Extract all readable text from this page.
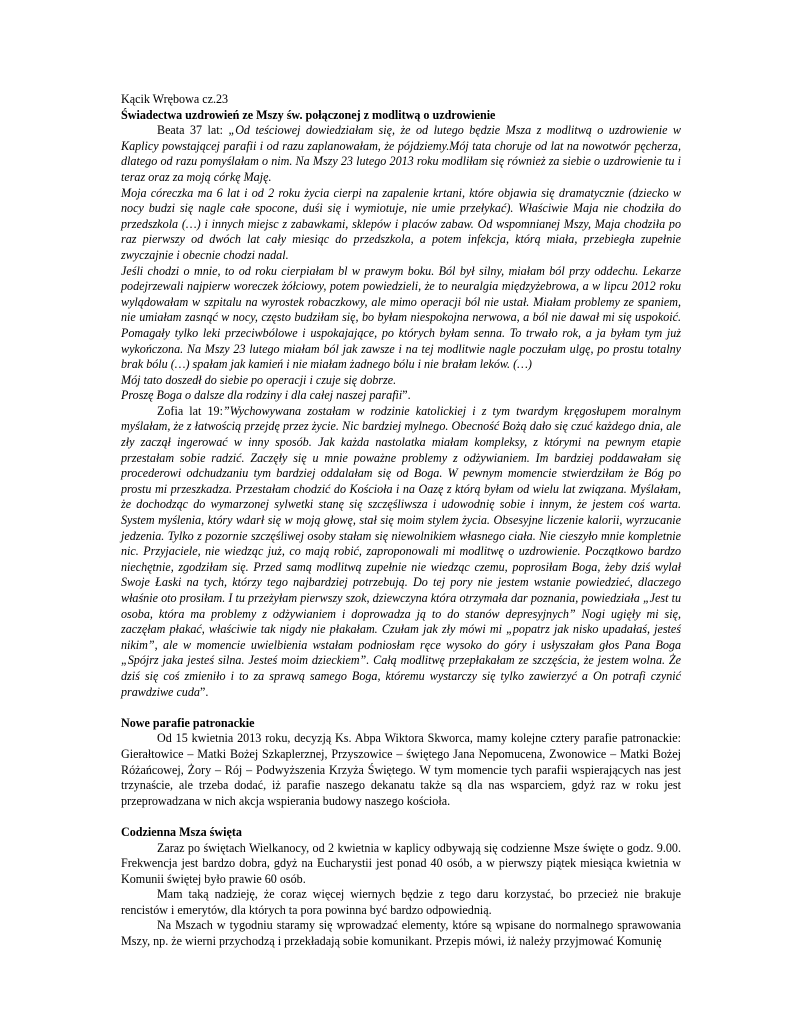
Kącik Wrębowa cz.23

Świadectwa uzdrowień ze Mszy św. połączonej z modlitwą o uzdrowienie

Beata 37 lat: „Od teściowej dowiedziałam się, że od lutego będzie Msza z modlitwą o uzdrowienie w Kaplicy powstającej parafii i od razu zaplanowałam, że pójdziemy.Mój tata choruje od lat na nowotwór pęcherza, dlatego od razu pomyślałam o nim. Na Mszy 23 lutego 2013 roku modliłam się również za siebie o uzdrowienie tu i teraz oraz za moją córkę Maję.

Moja córeczka ma 6 lat i od 2 roku życia cierpi na zapalenie krtani, które objawia się dramatycznie (dziecko w nocy budzi się nagle całe spocone, duśi się i wymiotuje, nie umie przełykać). Właściwie Maja nie chodziła do przedszkola (…) i innych miejsc z zabawkami, sklepów i placów zabaw. Od wspomnianej Mszy, Maja chodziła po raz pierwszy od dwóch lat cały miesiąc do przedszkola, a potem infekcja, którą miała, przebiegła zupełnie zwyczajnie i obecnie chodzi nadal.

Jeśli chodzi o mnie, to od roku cierpiałam bl w prawym boku. Ból był silny, miałam ból przy oddechu. Lekarze podejrzewali najpierw woreczek żółciowy, potem powiedzieli, że to neuralgia międzyżebrowa, a w lipcu 2012 roku wylądowałam w szpitalu na wyrostek robaczkowy, ale mimo operacji ból nie ustał. Miałam problemy ze spaniem, nie umiałam zasnąć w nocy, często budziłam się, bo byłam niespokojna nerwowa, a ból nie dawał mi się uspokoić. Pomagały tylko leki przeciwbólowe i uspokajające, po których byłam senna. To trwało rok, a ja byłam tym już wykończona. Na Mszy 23 lutego miałam ból jak zawsze i na tej modlitwie nagle poczułam ulgę, po prostu totalny brak bólu (…) spałam jak kamień i nie miałam żadnego bólu i nie brałam leków. (…)

Mój tato doszedł do siebie po operacji i czuje się dobrze.

Proszę Boga o dalsze dla rodziny i dla całej naszej parafii”.

Zofia lat 19:”Wychowywana zostałam w rodzinie katolickiej i z tym twardym kręgosłupem moralnym myślałam, że z łatwością przejdę przez życie. Nic bardziej mylnego. Obecność Bożą dało się czuć każdego dnia, ale zły zaczął ingerować w inny sposób. Jak każda nastolatka miałam kompleksy, z którymi na pewnym etapie przestałam sobie radzić. Zaczęły się u mnie poważne problemy z odżywianiem. Im bardziej poddawałam się procederowi odchudzaniu tym bardziej oddalałam się od Boga. W pewnym momencie stwierdziłam że Bóg po prostu mi przeszkadza. Przestałam chodzić do Kościoła i na Oazę z którą byłam od wielu lat związana. Myślałam, że dochodząc do wymarzonej sylwetki stanę się szczęśliwsza i udowodnię sobie i innym, że jestem coś warta. System myślenia, który wdarł się w moją głowę, stał się moim stylem życia. Obsesyjne liczenie kalorii, wyrzucanie jedzenia. Tylko z pozornie szczęśliwej osoby stałam się niewolnikiem własnego ciała. Nie cieszyło mnie kompletnie nic. Przyjaciele, nie wiedząc już, co mają robić, zaproponowali mi modlitwę o uzdrowienie. Początkowo bardzo niechętnie, zgodziłam się. Przed samą modlitwą zupełnie nie wiedząc czemu, poprosiłam Boga, żeby dziś wylał Swoje Łaski na tych, którzy tego najbardziej potrzebują. Do tej pory nie jestem wstanie powiedzieć, dlaczego właśnie oto prosiłam. I tu przeżyłam pierwszy szok, dziewczyna która otrzymała dar poznania, powiedziała „Jest tu osoba, która ma problemy z odżywianiem i doprowadza ją to do stanów depresyjnych” Nogi ugięły mi się, zaczęłam płakać, właściwie tak nigdy nie płakałam. Czułam jak zły mówi mi „popatrz jak nisko upadałaś, jesteś nikim”, ale w momencie uwielbienia wstałam podniosłam ręce wysoko do góry i usłyszałam głos Pana Boga „Spójrz jaka jesteś silna. Jesteś moim dzieckiem”. Całą modlitwę przepłakałam ze szczęścia, że jestem wolna. Że dziś się coś zmieniło i to za sprawą samego Boga, któremu wystarczy się tylko zawierzyć a On potrafi czynić prawdziwe cuda”.

Nowe parafie patronackie

Od 15 kwietnia 2013 roku, decyzją Ks. Abpa Wiktora Skworca, mamy kolejne cztery parafie patronackie: Gierałtowice – Matki Bożej Szkaplerznej, Przyszowice – świętego Jana Nepomucena, Zwonowice – Matki Bożej Różańcowej, Żory – Rój – Podwyższenia Krzyża Świętego. W tym momencie tych parafii wspierających nas jest trzynaście, ale trzeba dodać, iż parafie naszego dekanatu także są dla nas wsparciem, gdyż raz w roku jest przeprowadzana w nich akcja wspierania budowy naszego kościoła.

Codzienna Msza święta

Zaraz po świętach Wielkanocy, od 2 kwietnia w kaplicy odbywają się codzienne Msze święte o godz. 9.00. Frekwencja jest bardzo dobra, gdyż na Eucharystii jest ponad 40 osób, a w pierwszy piątek miesiąca kwietnia w Komunii świętej było prawie 60 osób.

Mam taką nadzieję, że coraz więcej wiernych będzie z tego daru korzystać, bo przecież nie brakuje rencistów i emerytów, dla których ta pora powinna być bardzo odpowiednią.

Na Mszach w tygodniu staramy się wprowadzać elementy, które są wpisane do normalnego sprawowania Mszy, np. że wierni przychodzą i przekładają sobie komunikant. Przepis mówi, iż należy przyjmować Komunię
